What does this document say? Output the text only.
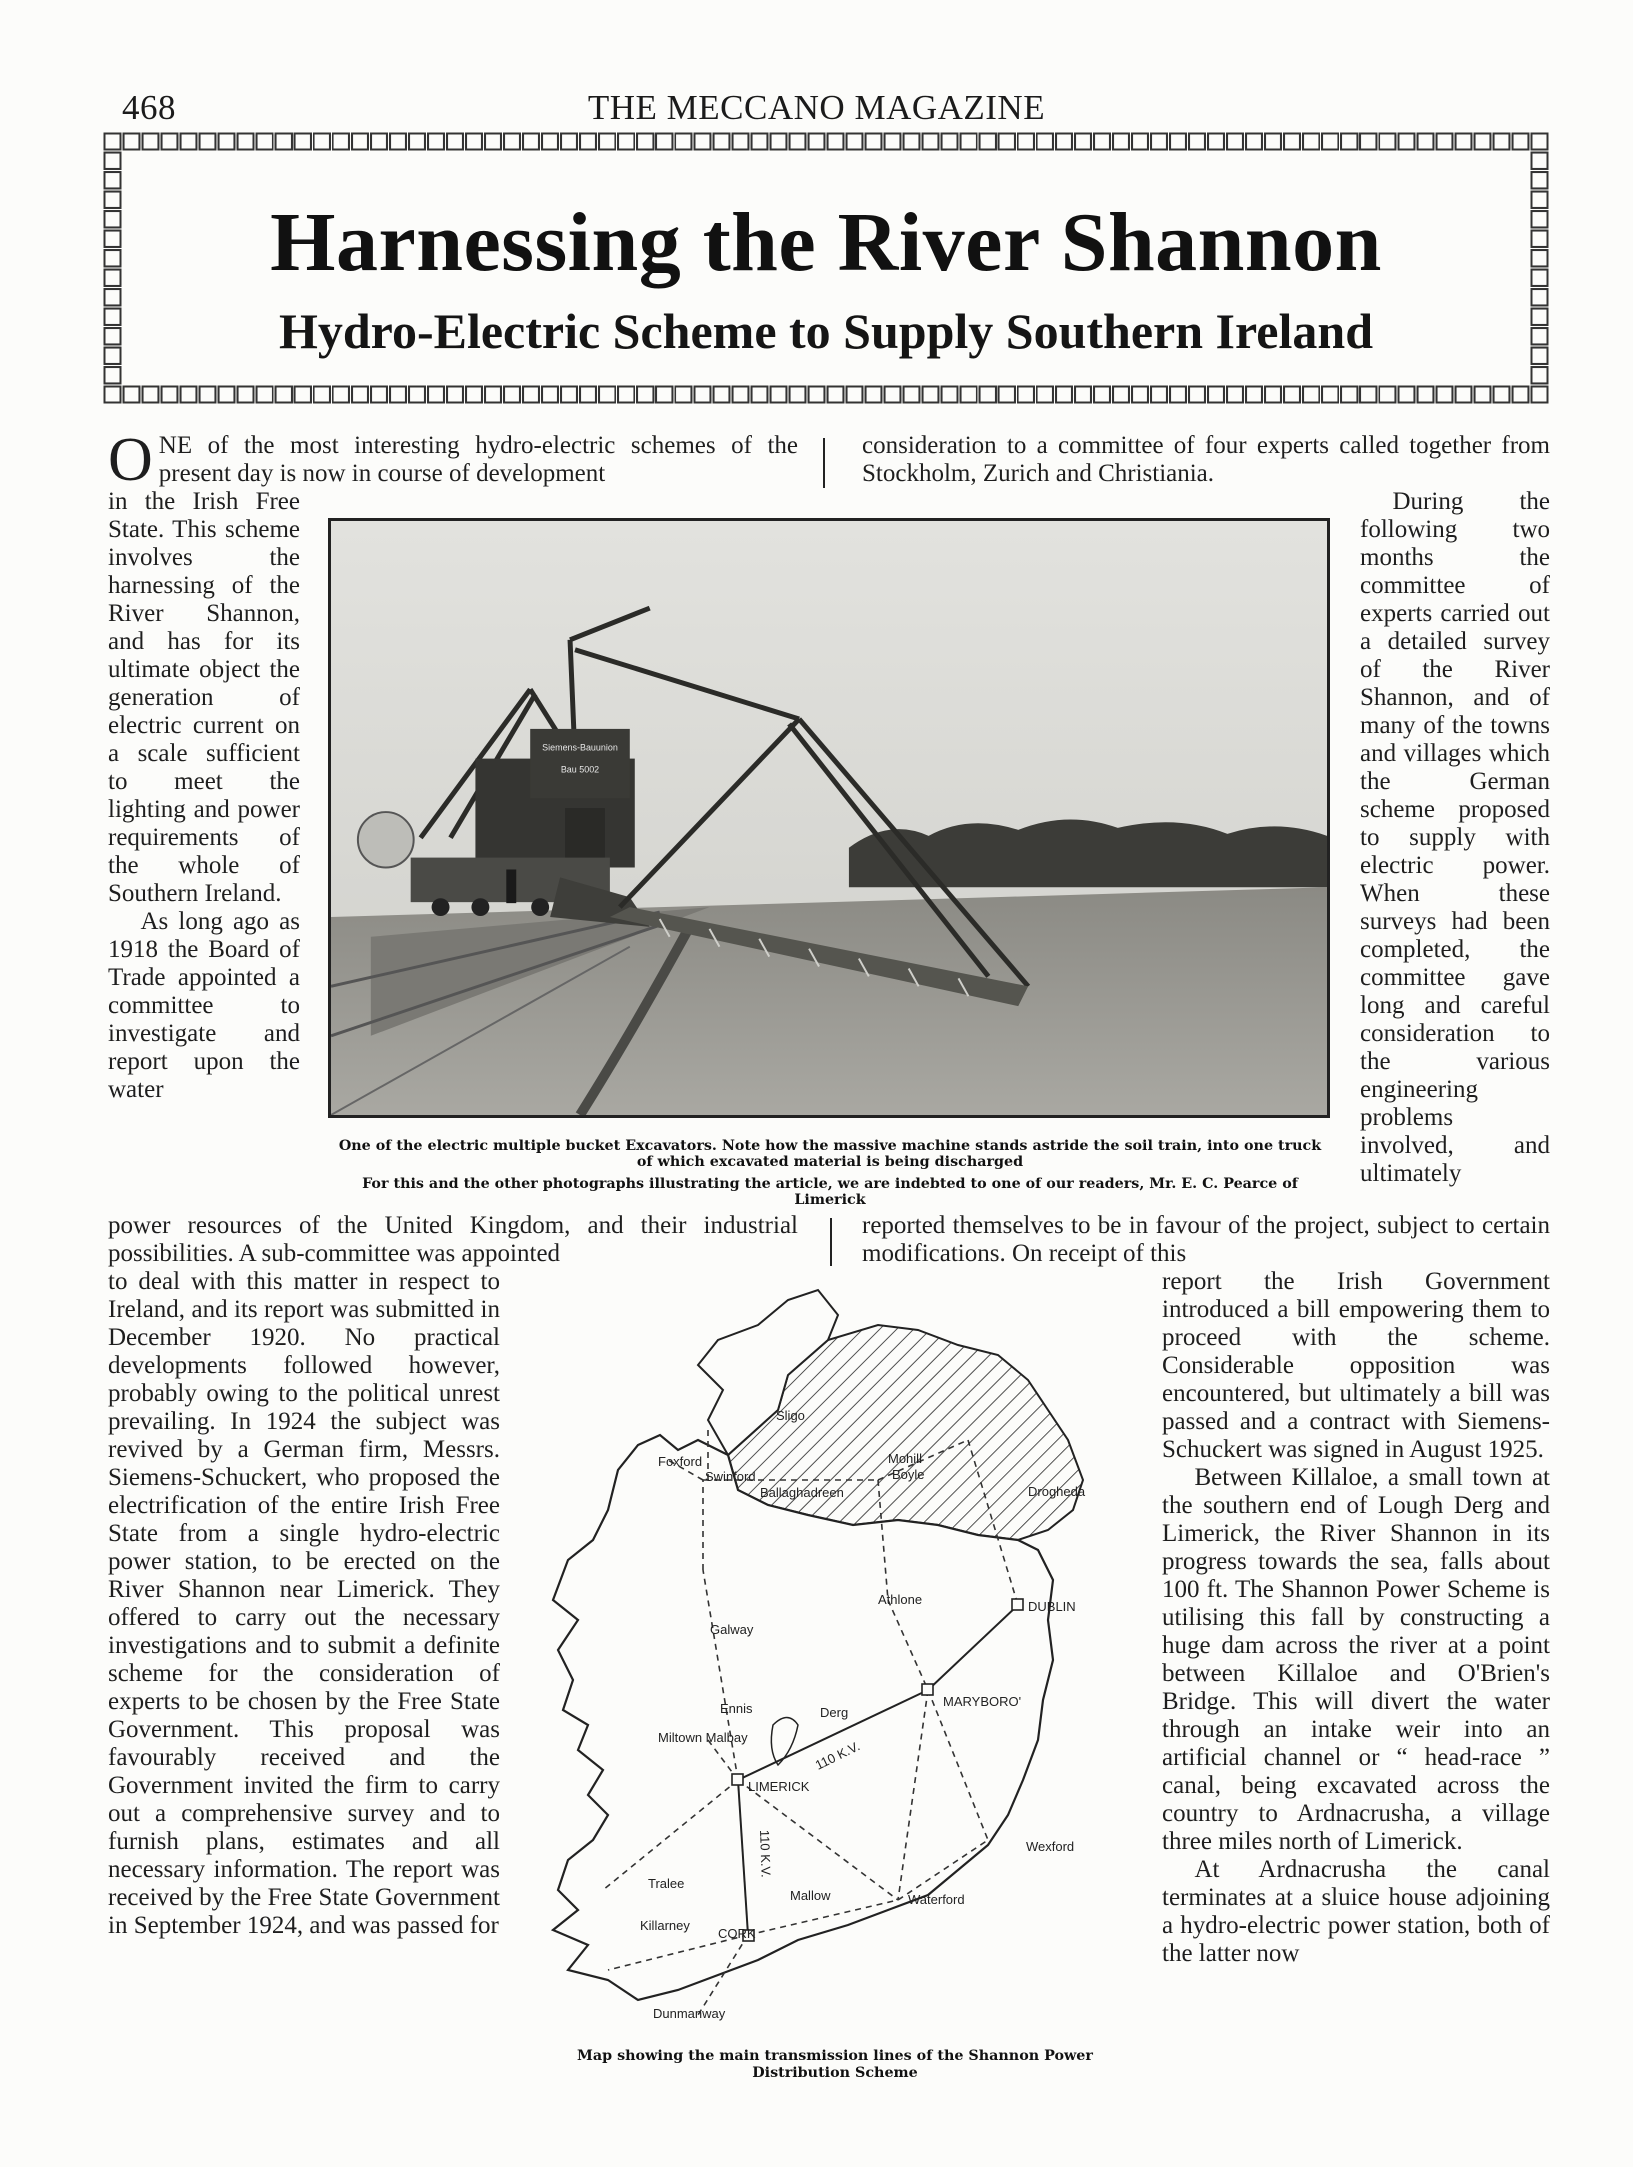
468	THE MECCANO MAGAZINE
Harnessing the River Shannon
Hydro-Electric Scheme to Supply Southern Ireland
ONE of the most interesting hydro-electric schemes of the present day is now in course of development
consideration to a committee of four experts called together from Stockholm, Zurich and Christiania.

in the Irish Free State. This scheme involves the harnessing of the River Shannon, and has for its ultimate object the generation of electric current on a scale sufficient to meet the lighting and power requirements of the whole of Southern Ireland.

As long ago as 1918 the Board of Trade appointed a committee to investigate and report upon the water

During the following two months the committee of experts carried out a detailed survey of the River Shannon, and of many of the towns and villages which the German scheme proposed to supply with electric power. When these surveys had been completed, the committee gave long and careful consideration to the various engineering problems involved, and ultimately

Siemens-Bauunion
Bau 5002
One of the electric multiple bucket Excavators. Note how the massive machine stands astride the soil train, into one truck
of which excavated material is being discharged
For this and the other photographs illustrating the article, we are indebted to one of our readers, Mr. E. C. Pearce of Limerick
power resources of the United Kingdom, and their industrial possibilities. A sub-committee was appointed
reported themselves to be in favour of the project, subject to certain modifications. On receipt of this

to deal with this matter in respect to Ireland, and its report was submitted in December 1920. No practical developments followed however, probably owing to the political unrest prevailing. In 1924 the subject was revived by a German firm, Messrs. Siemens-Schuckert, who proposed the electrification of the entire Irish Free State from a single hydro-electric power station, to be erected on the River Shannon near Limerick. They offered to carry out the necessary investigations and to submit a definite scheme for the consideration of experts to be chosen by the Free State Government. This proposal was favourably received and the Government invited the firm to carry out a comprehensive survey and to furnish plans, estimates and all necessary information. The report was received by the Free State Government in September 1924, and was passed for

report the Irish Government introduced a bill empowering them to proceed with the scheme. Considerable opposition was encountered, but ultimately a bill was passed and a contract with Siemens-Schuckert was signed in August 1925.

Between Killaloe, a small town at the southern end of Lough Derg and Limerick, the River Shannon in its progress towards the sea, falls about 100 ft. The Shannon Power Scheme is utilising this fall by constructing a huge dam across the river at a point between Killaloe and O'Brien's Bridge. This will divert the water through an intake weir into an artificial channel or “ head-race ” canal, being excavated across the country to Ardnacrusha, a village three miles north of Limerick.

At Ardnacrusha the canal terminates at a sluice house adjoining a hydro-electric power station, both of the latter now

Sligo
Foxford
Swinford
Mohill
Boyle
Ballaghadreen	Drogheda
Athlone	DUBLIN
Galway
Ennis	Derg
MARYBORO'
Miltown Malbay
110 K.V.
LIMERICK
Wexford
Tralee
110 K.V.
Mallow	Waterford
Killarney
CORK
Dunmanway
Map showing the main transmission lines of the Shannon Power Distribution Scheme
